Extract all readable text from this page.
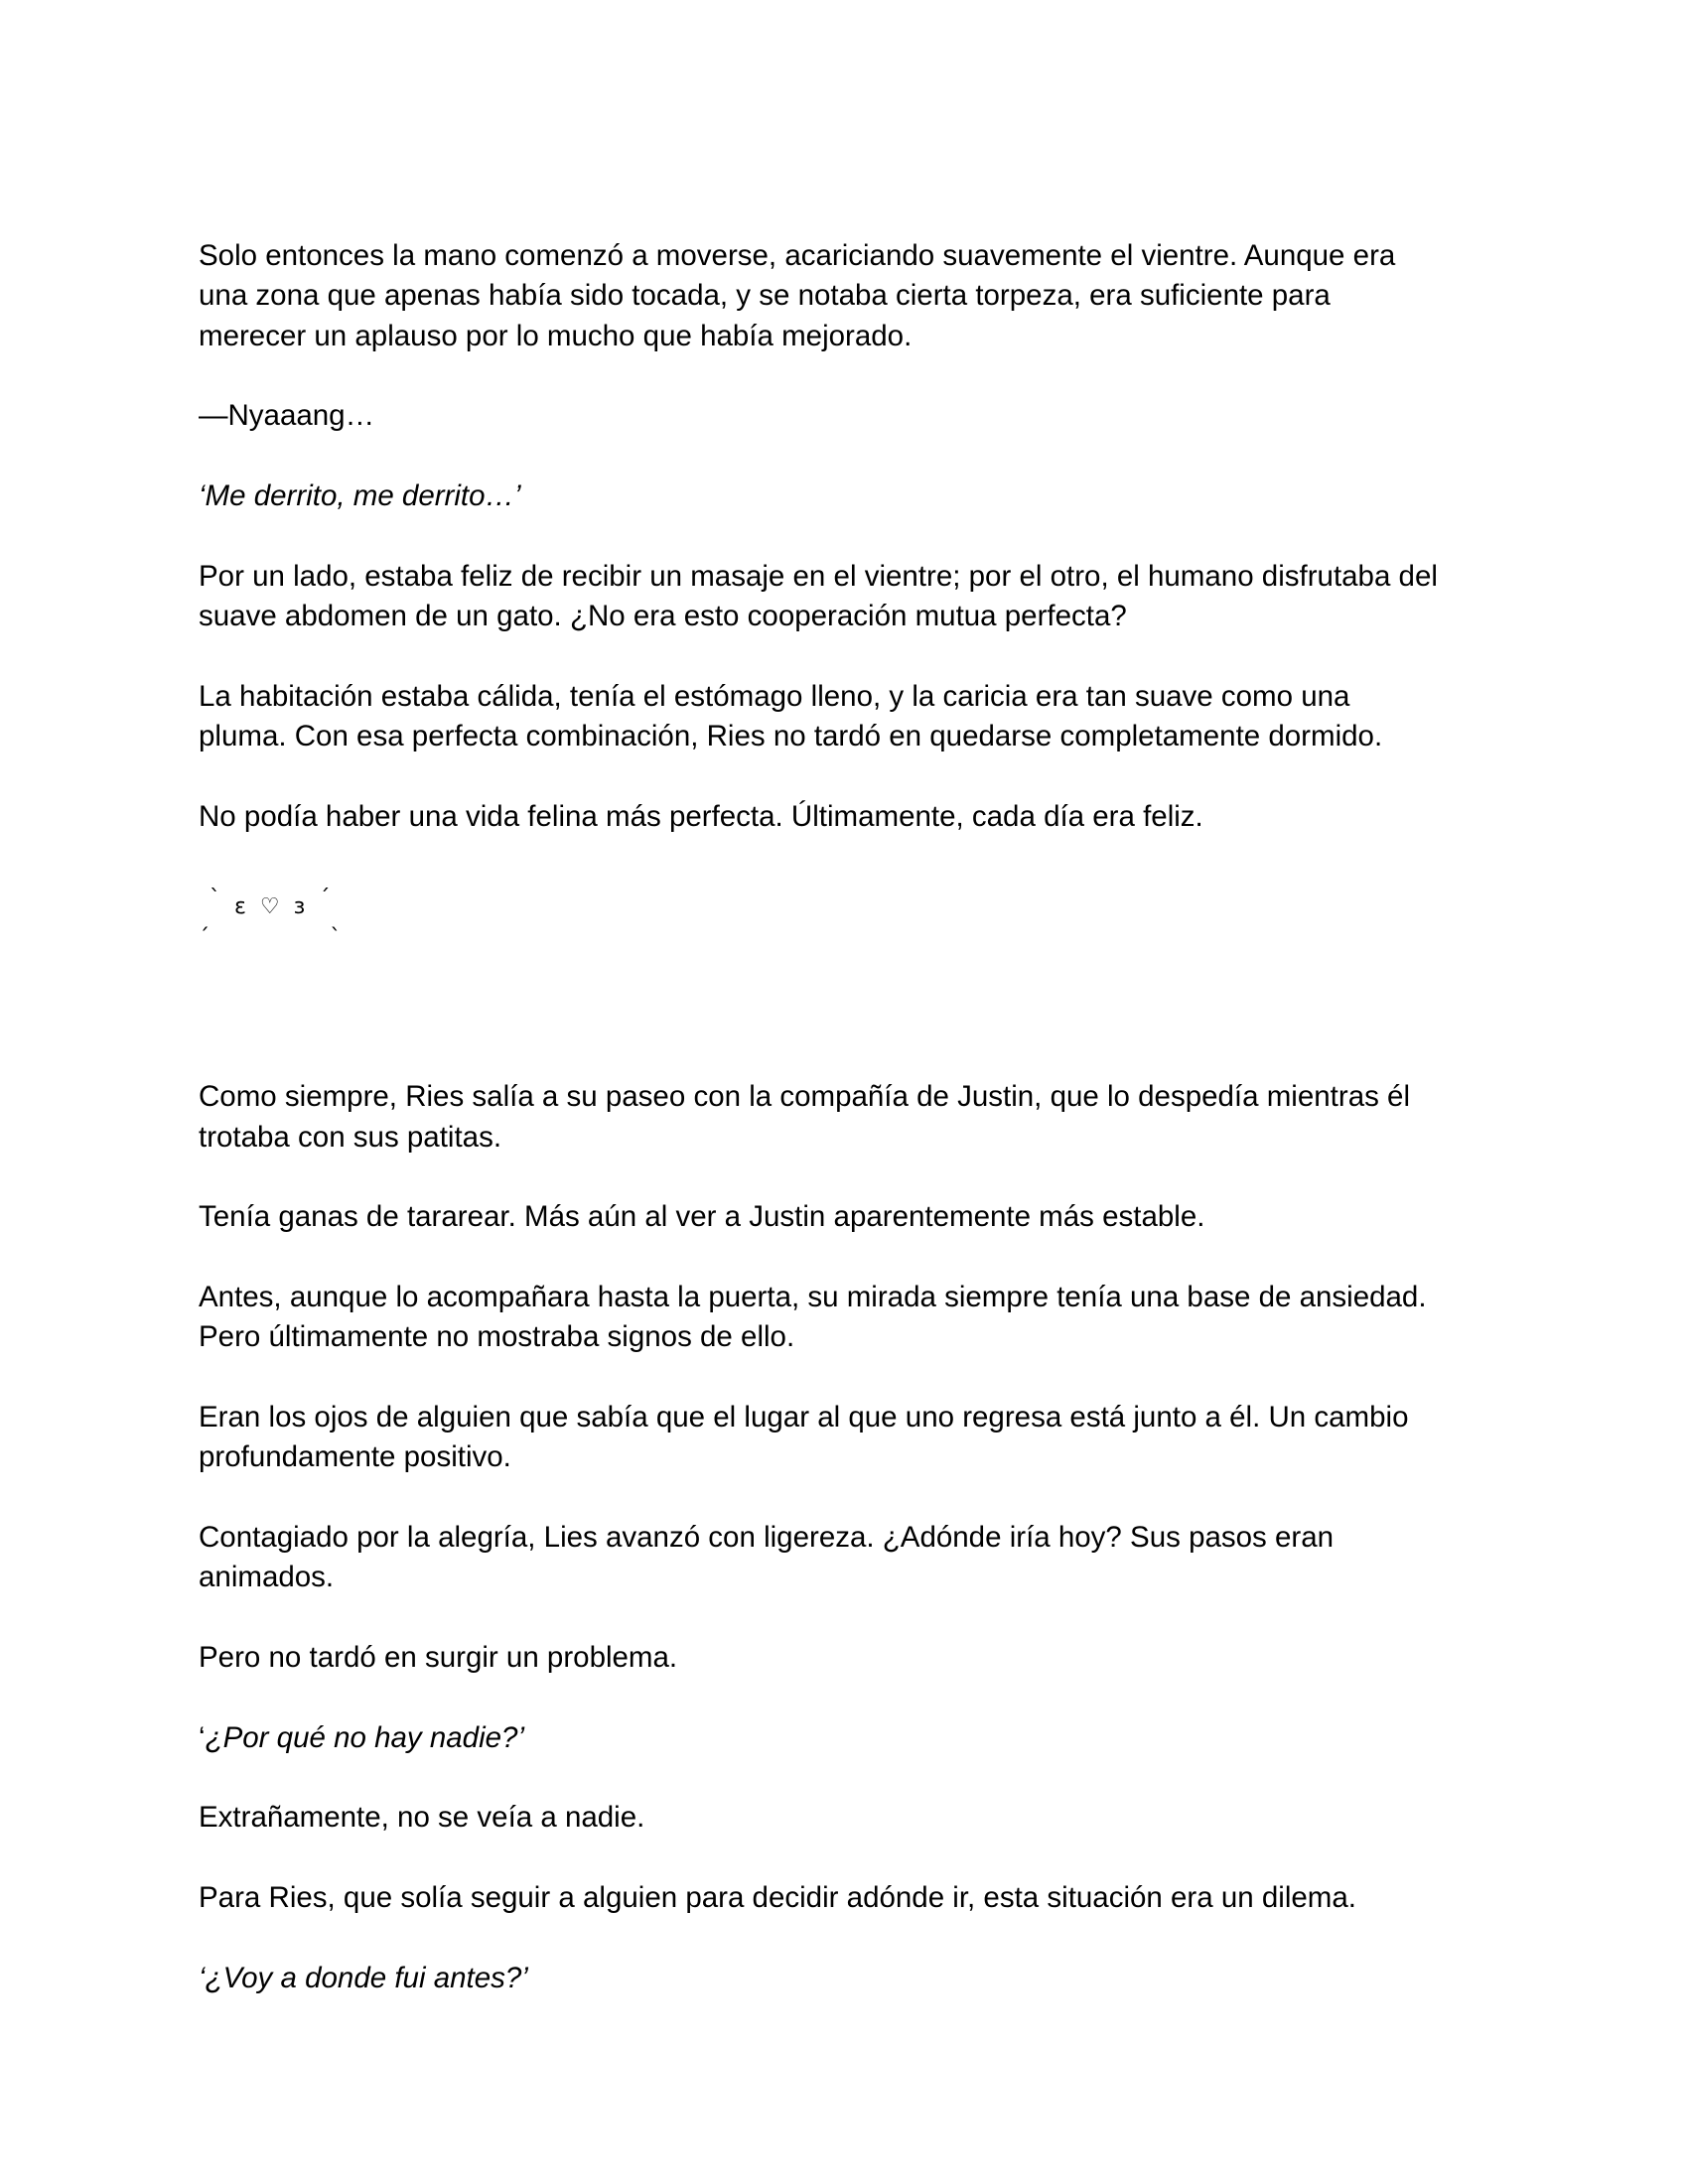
Solo entonces la mano comenzó a moverse, acariciando suavemente el vientre. Aunque era
una zona que apenas había sido tocada, y se notaba cierta torpeza, era suficiente para
merecer un aplauso por lo mucho que había mejorado.

—Nyaaang…

‘Me derrito, me derrito…’

Por un lado, estaba feliz de recibir un masaje en el vientre; por el otro, el humano disfrutaba del
suave abdomen de un gato. ¿No era esto cooperación mutua perfecta?

La habitación estaba cálida, tenía el estómago lleno, y la caricia era tan suave como una
pluma. Con esa perfecta combinación, Ries no tardó en quedarse completamente dormido.

No podía haber una vida felina más perfecta. Últimamente, cada día era feliz.

ˏ
ˋ ε ♡ з ˊ
ˎ

Como siempre, Ries salía a su paseo con la compañía de Justin, que lo despedía mientras él
trotaba con sus patitas.

Tenía ganas de tararear. Más aún al ver a Justin aparentemente más estable.

Antes, aunque lo acompañara hasta la puerta, su mirada siempre tenía una base de ansiedad.
Pero últimamente no mostraba signos de ello.

Eran los ojos de alguien que sabía que el lugar al que uno regresa está junto a él. Un cambio
profundamente positivo.

Contagiado por la alegría, Lies avanzó con ligereza. ¿Adónde iría hoy? Sus pasos eran
animados.

Pero no tardó en surgir un problema.

‘¿Por qué no hay nadie?’

Extrañamente, no se veía a nadie.

Para Ries, que solía seguir a alguien para decidir adónde ir, esta situación era un dilema.

‘¿Voy a donde fui antes?’
